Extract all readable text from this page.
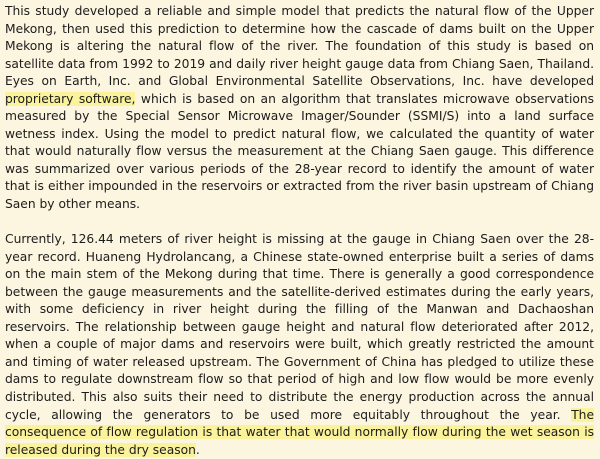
This study developed a reliable and simple model that predicts the natural flow of the Upper Mekong, then used this prediction to determine how the cascade of dams built on the Upper Mekong is altering the natural flow of the river. The foundation of this study is based on satellite data from 1992 to 2019 and daily river height gauge data from Chiang Saen, Thailand. Eyes on Earth, Inc. and Global Environmental Satellite Observations, Inc. have developed proprietary software, which is based on an algorithm that translates microwave observations measured by the Special Sensor Microwave Imager/Sounder (SSMI/S) into a land surface wetness index. Using the model to predict natural flow, we calculated the quantity of water that would naturally flow versus the measurement at the Chiang Saen gauge. This difference was summarized over various periods of the 28-year record to identify the amount of water that is either impounded in the reservoirs or extracted from the river basin upstream of Chiang Saen by other means.

Currently, 126.44 meters of river height is missing at the gauge in Chiang Saen over the 28-year record. Huaneng Hydrolancang, a Chinese state-owned enterprise built a series of dams on the main stem of the Mekong during that time. There is generally a good correspondence between the gauge measurements and the satellite-derived estimates during the early years, with some deficiency in river height during the filling of the Manwan and Dachaoshan reservoirs. The relationship between gauge height and natural flow deteriorated after 2012, when a couple of major dams and reservoirs were built, which greatly restricted the amount and timing of water released upstream. The Government of China has pledged to utilize these dams to regulate downstream flow so that period of high and low flow would be more evenly distributed. This also suits their need to distribute the energy production across the annual cycle, allowing the generators to be used more equitably throughout the year. The consequence of flow regulation is that water that would normally flow during the wet season is released during the dry season.
